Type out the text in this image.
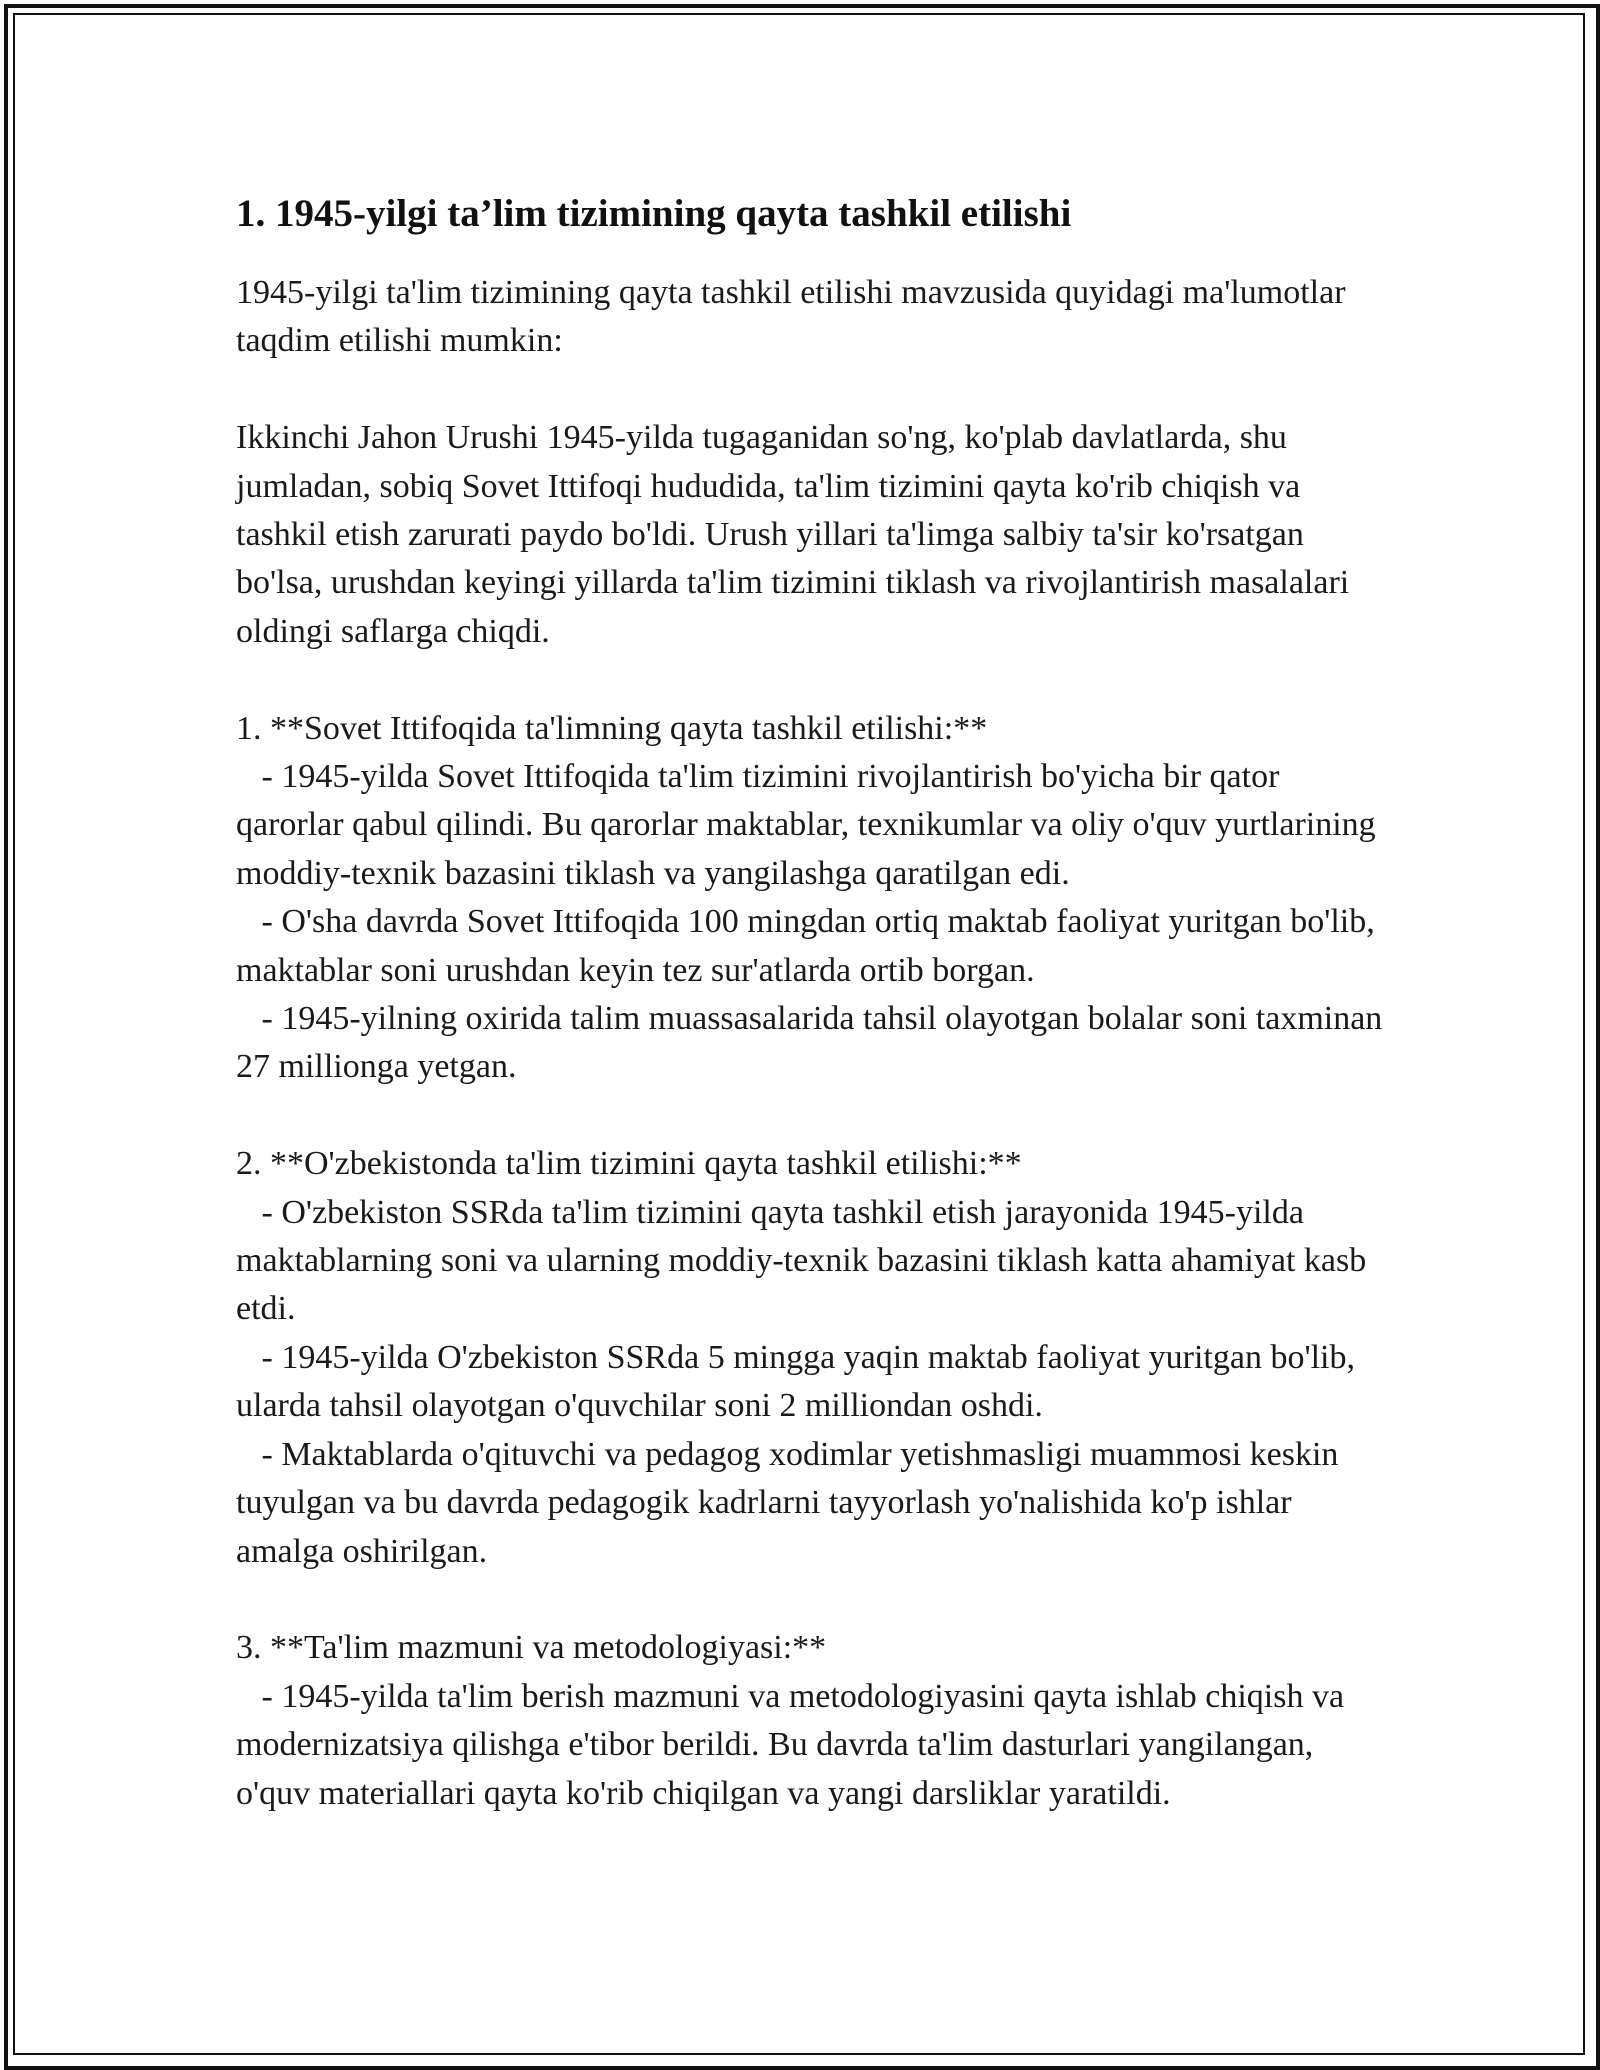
1. 1945-yilgi ta’lim tizimining qayta tashkil etilishi

1945-yilgi ta'lim tizimining qayta tashkil etilishi mavzusida quyidagi ma'lumotlar taqdim etilishi mumkin:

Ikkinchi Jahon Urushi 1945-yilda tugaganidan so'ng, ko'plab davlatlarda, shu jumladan, sobiq Sovet Ittifoqi hududida, ta'lim tizimini qayta ko'rib chiqish va tashkil etish zarurati paydo bo'ldi. Urush yillari ta'limga salbiy ta'sir ko'rsatgan bo'lsa, urushdan keyingi yillarda ta'lim tizimini tiklash va rivojlantirish masalalari oldingi saflarga chiqdi.

1. **Sovet Ittifoqida ta'limning qayta tashkil etilishi:**

- 1945-yilda Sovet Ittifoqida ta'lim tizimini rivojlantirish bo'yicha bir qator qarorlar qabul qilindi. Bu qarorlar maktablar, texnikumlar va oliy o'quv yurtlarining moddiy-texnik bazasini tiklash va yangilashga qaratilgan edi.

- O'sha davrda Sovet Ittifoqida 100 mingdan ortiq maktab faoliyat yuritgan bo'lib, maktablar soni urushdan keyin tez sur'atlarda ortib borgan.

- 1945-yilning oxirida talim muassasalarida tahsil olayotgan bolalar soni taxminan 27 millionga yetgan.

2. **O'zbekistonda ta'lim tizimini qayta tashkil etilishi:**

- O'zbekiston SSRda ta'lim tizimini qayta tashkil etish jarayonida 1945-yilda maktablarning soni va ularning moddiy-texnik bazasini tiklash katta ahamiyat kasb etdi.

- 1945-yilda O'zbekiston SSRda 5 mingga yaqin maktab faoliyat yuritgan bo'lib, ularda tahsil olayotgan o'quvchilar soni 2 milliondan oshdi.

- Maktablarda o'qituvchi va pedagog xodimlar yetishmasligi muammosi keskin tuyulgan va bu davrda pedagogik kadrlarni tayyorlash yo'nalishida ko'p ishlar amalga oshirilgan.

3. **Ta'lim mazmuni va metodologiyasi:**

- 1945-yilda ta'lim berish mazmuni va metodologiyasini qayta ishlab chiqish va modernizatsiya qilishga e'tibor berildi. Bu davrda ta'lim dasturlari yangilangan, o'quv materiallari qayta ko'rib chiqilgan va yangi darsliklar yaratildi.
